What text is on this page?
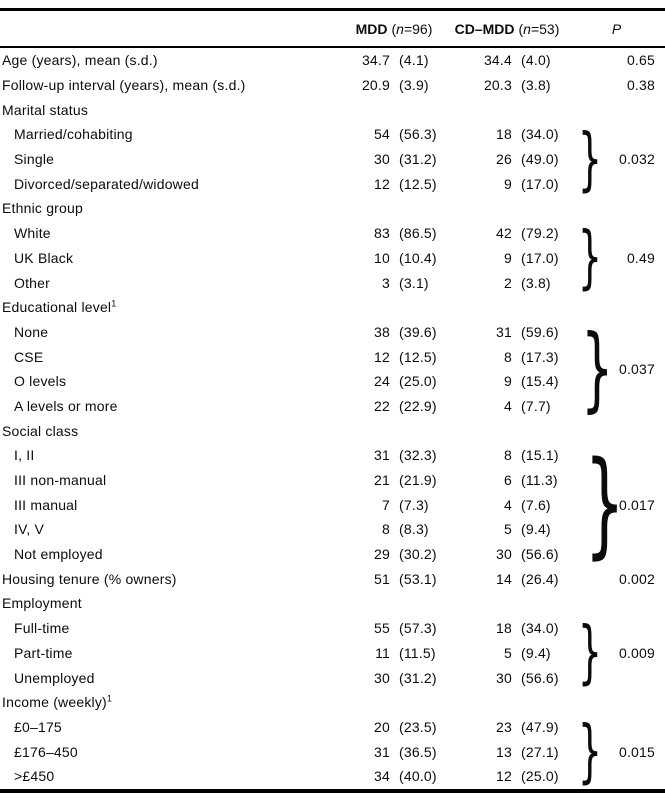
	MDD (n=96)		CD–MDD (n=53)		P	
Age (years), mean (s.d.)	34.7	(4.1)	34.4	(4.0)		0.65
Follow-up interval (years), mean (s.d.)	20.9	(3.9)	20.3	(3.8)		0.38
Marital status						
Married/cohabiting	54	(56.3)	18	(34.0)	}	0.032
Single	30	(31.2)	26	(49.0)		
Divorced/separated/widowed	12	(12.5)	9	(17.0)		
Ethnic group						
White	83	(86.5)	42	(79.2)	}	0.49
UK Black	10	(10.4)	9	(17.0)		
Other	3	(3.1)	2	(3.8)		
Educational level$^1$						
None	38	(39.6)	31	(59.6)	}	0.037
CSE	12	(12.5)	8	(17.3)		
O levels	24	(25.0)	9	(15.4)		
A levels or more	22	(22.9)	4	(7.7)		
Social class						
I, II	31	(32.3)	8	(15.1)	}	0.017
III non-manual	21	(21.9)	6	(11.3)		
III manual	7	(7.3)	4	(7.6)		
IV, V	8	(8.3)	5	(9.4)		
Not employed	29	(30.2)	30	(56.6)		
Housing tenure (% owners)	51	(53.1)	14	(26.4)		0.002
Employment						
Full-time	55	(57.3)	18	(34.0)	}	0.009
Part-time	11	(11.5)	5	(9.4)		
Unemployed	30	(31.2)	30	(56.6)		
Income (weekly)$^1$						
£0–175	20	(23.5)	23	(47.9)	}	0.015
£176–450	31	(36.5)	13	(27.1)		
>£450	34	(40.0)	12	(25.0)		
